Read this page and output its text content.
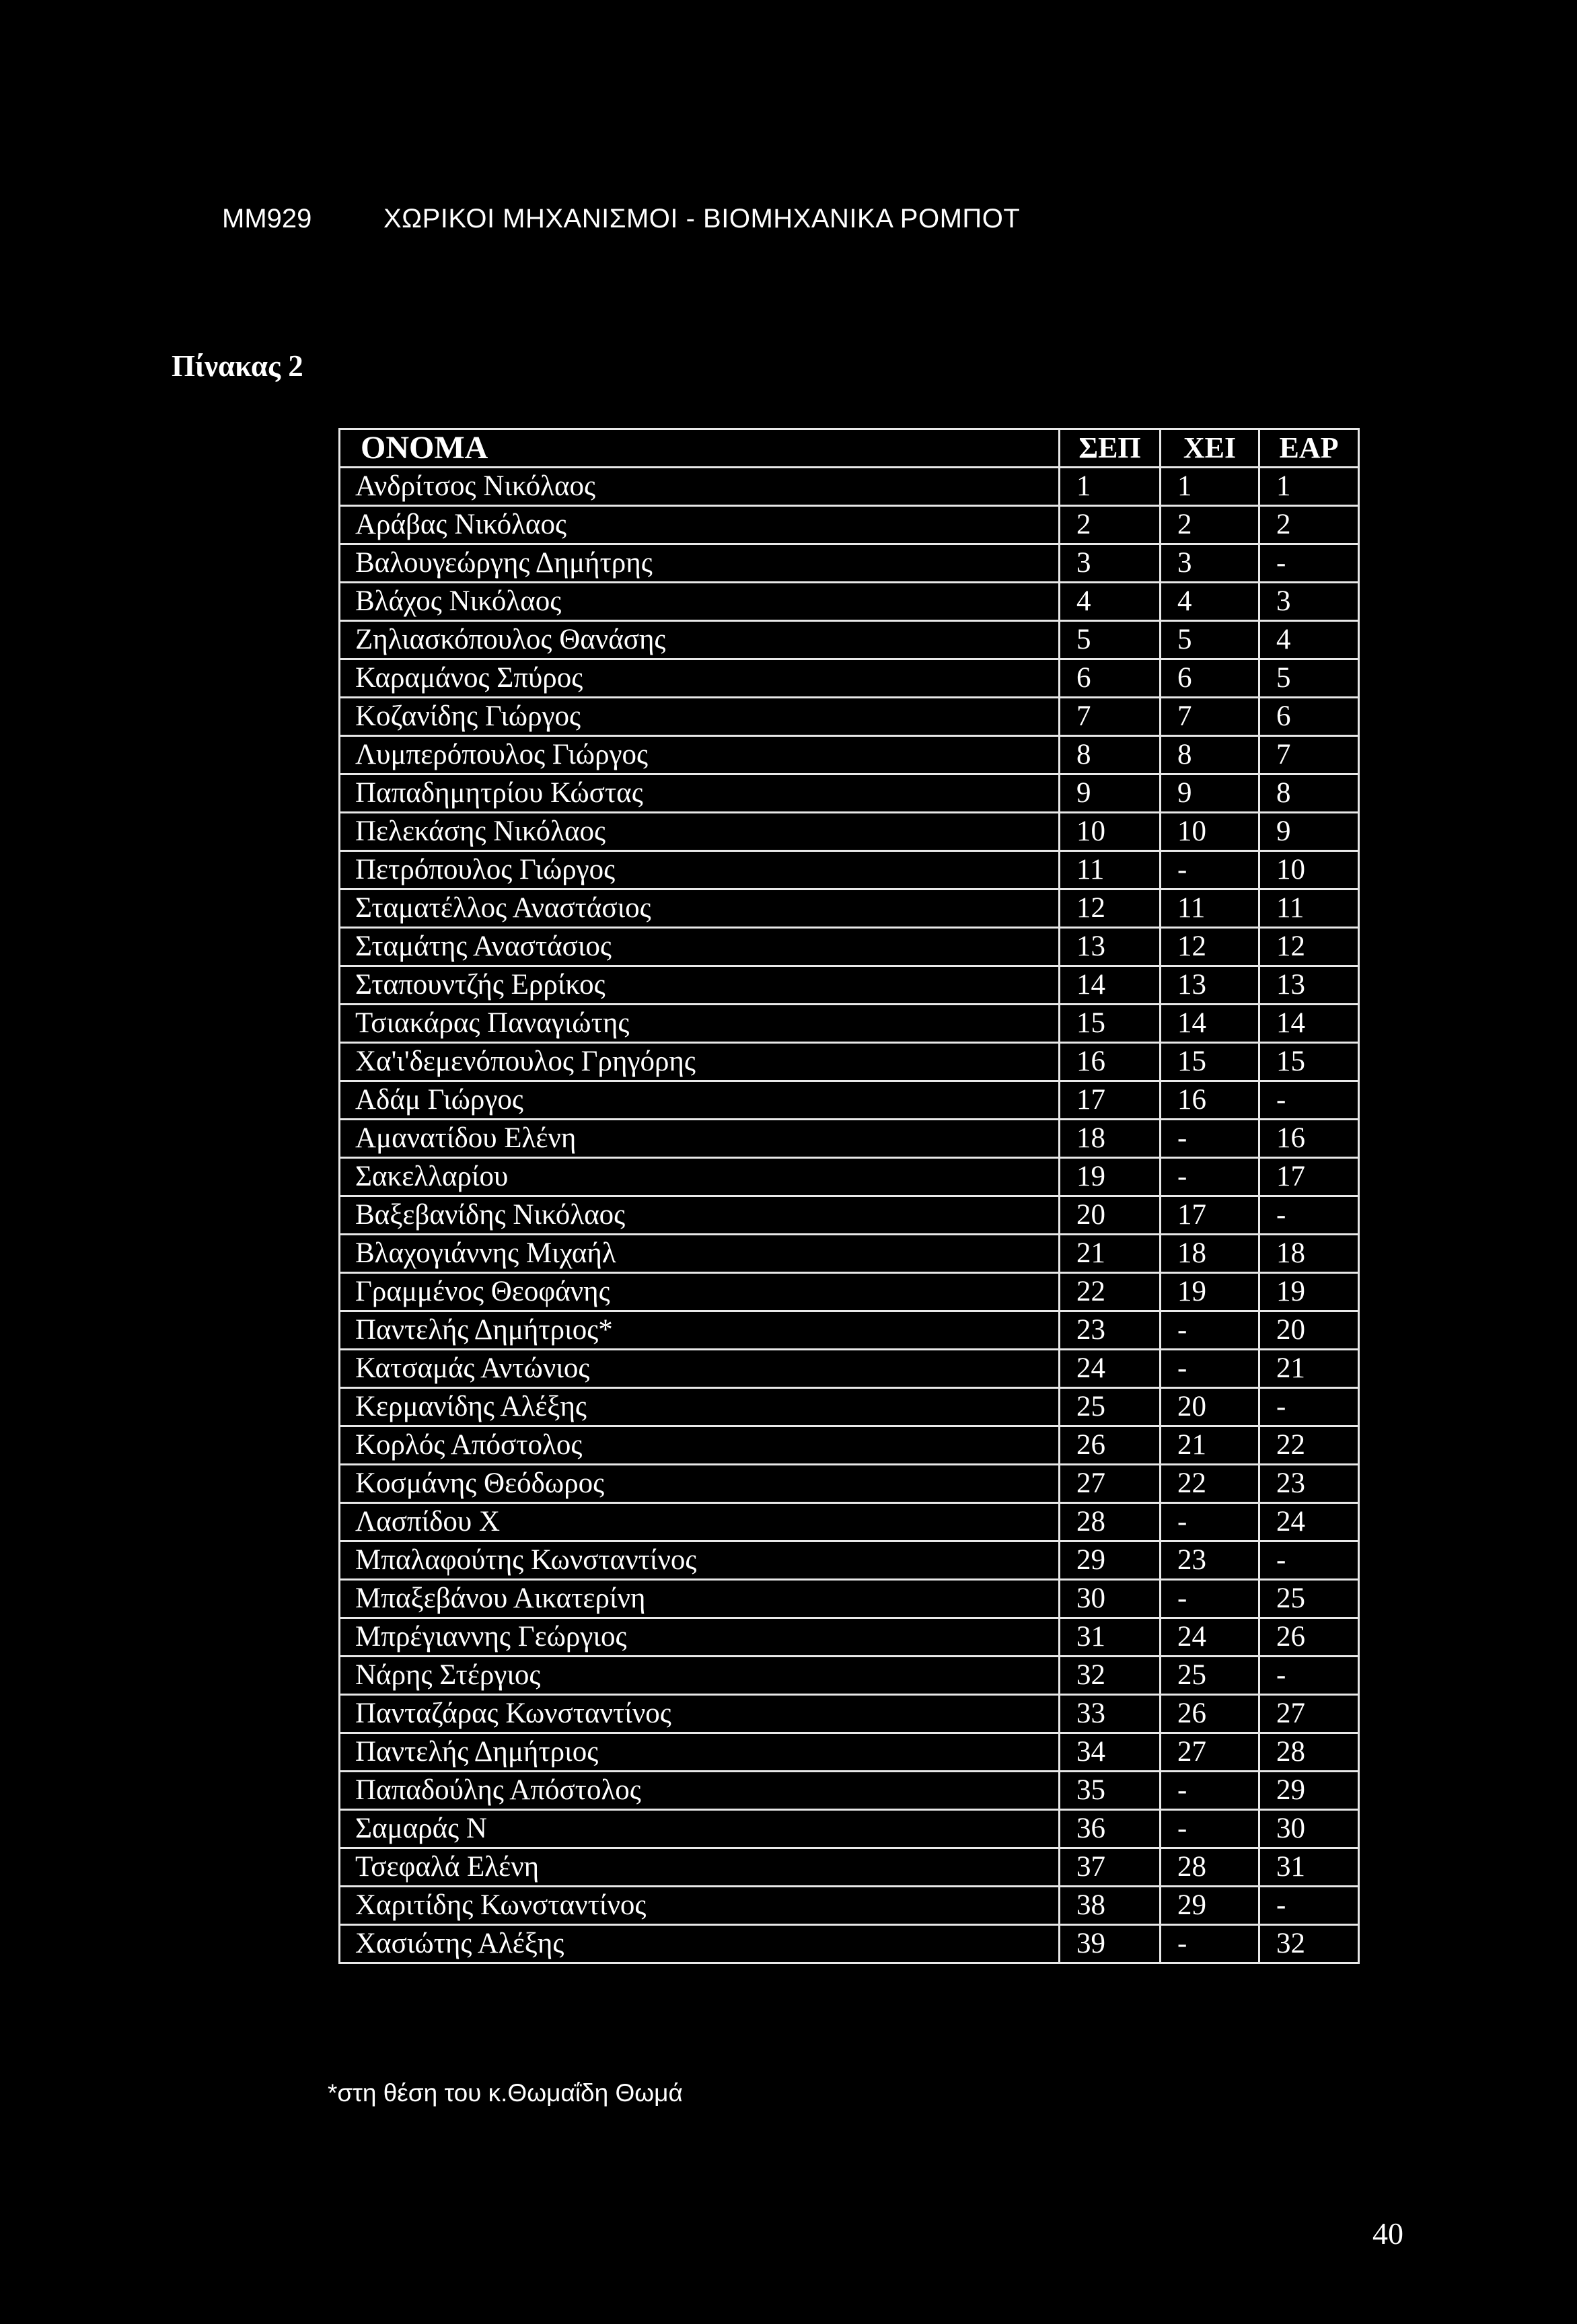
ΜΜ929	ΧΩΡΙΚΟΙ ΜΗΧΑΝΙΣΜΟΙ - ΒΙΟΜΗΧΑΝΙΚΑ ΡΟΜΠΟΤ
Πίνακας 2
ΟΝΟΜΑ	ΣΕΠ	ΧΕΙ	ΕΑΡ
Ανδρίτσος Νικόλαος	1	1	1
Αράβας Νικόλαος	2	2	2
Βαλουγεώργης Δημήτρης	3	3	-
Βλάχος Νικόλαος	4	4	3
Ζηλιασκόπουλος Θανάσης	5	5	4
Καραμάνος Σπύρος	6	6	5
Κοζανίδης Γιώργος	7	7	6
Λυμπερόπουλος Γιώργος	8	8	7
Παπαδημητρίου Κώστας	9	9	8
Πελεκάσης Νικόλαος	10	10	9
Πετρόπουλος Γιώργος	11	-	10
Σταματέλλος Αναστάσιος	12	11	11
Σταμάτης Αναστάσιος	13	12	12
Σταπουντζής Ερρίκος	14	13	13
Τσιακάρας Παναγιώτης	15	14	14
Χα'ι'δεμενόπουλος Γρηγόρης	16	15	15
Αδάμ Γιώργος	17	16	-
Αμανατίδου Ελένη	18	-	16
Σακελλαρίου	19	-	17
Βαξεβανίδης Νικόλαος	20	17	-
Βλαχογιάννης Μιχαήλ	21	18	18
Γραμμένος Θεοφάνης	22	19	19
Παντελής Δημήτριος*	23	-	20
Κατσαμάς Αντώνιος	24	-	21
Κερμανίδης Αλέξης	25	20	-
Κορλός Απόστολος	26	21	22
Κοσμάνης Θεόδωρος	27	22	23
Λασπίδου Χ	28	-	24
Μπαλαφούτης Κωνσταντίνος	29	23	-
Μπαξεβάνου Αικατερίνη	30	-	25
Μπρέγιαννης Γεώργιος	31	24	26
Νάρης Στέργιος	32	25	-
Πανταζάρας Κωνσταντίνος	33	26	27
Παντελής Δημήτριος	34	27	28
Παπαδούλης Απόστολος	35	-	29
Σαμαράς Ν	36	-	30
Τσεφαλά Ελένη	37	28	31
Χαριτίδης Κωνσταντίνος	38	29	-
Χασιώτης Αλέξης	39	-	32
*στη θέση του κ.Θωμαΐδη Θωμά
40
